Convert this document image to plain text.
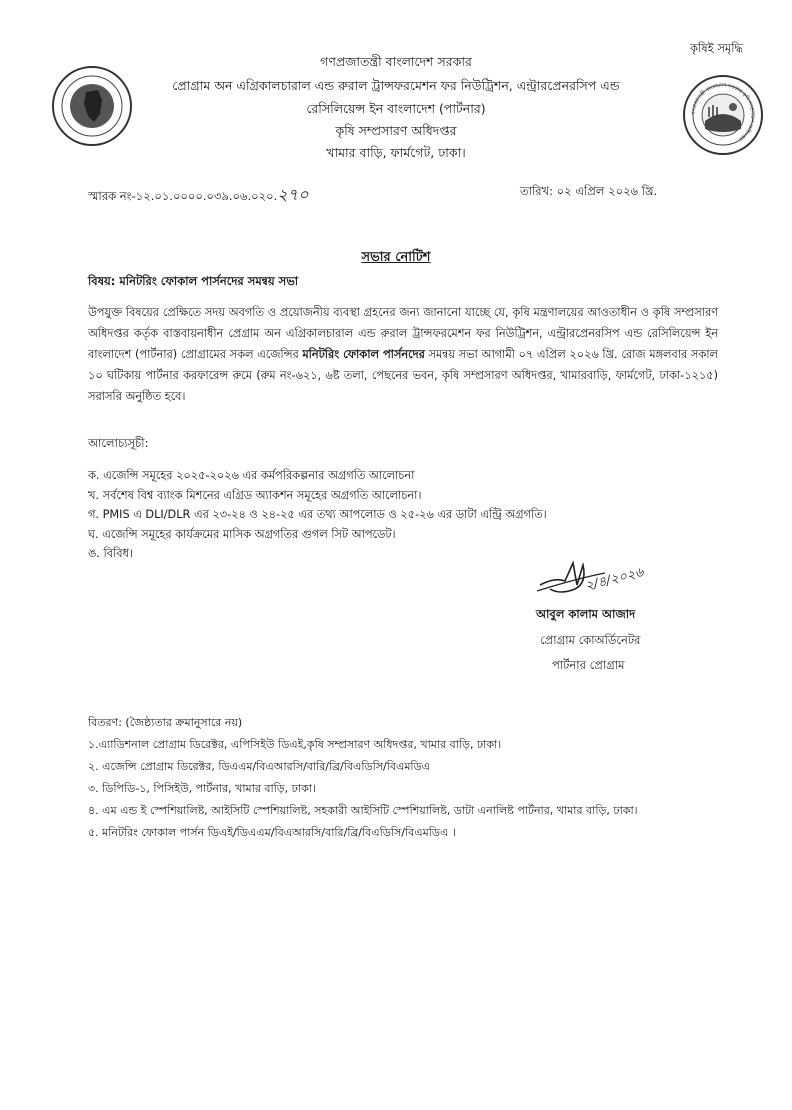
কৃষিই সমৃদ্ধি
গণপ্রজাতন্ত্রী বাংলাদেশ সরকার কৃষি সম্প্রসারণ অধিদপ্তর
গণপ্রজাতন্ত্রী বাংলাদেশ সরকার
প্রোগ্রাম অন এগ্রিকালচারাল এন্ড রুরাল ট্রান্সফরমেশন ফর নিউট্রিশন, এন্ট্রারপ্রেনরসিপ এন্ড
রেসিলিয়েন্স ইন বাংলাদেশ (পার্টনার)
কৃষি সম্প্রসারণ অধিদপ্তর
খামার বাড়ি, ফার্মগেট, ঢাকা।
স্মারক নং-১২.০১.০০০০.০৩৯.০৬.০২০.২৭০	তারিখ: ০২ এপ্রিল ২০২৬ খ্রি.
সভার নোটিশ
বিষয়: মনিটরিং ফোকাল পার্সনদের সমন্বয় সভা
উপযুক্ত বিষয়ের প্রেক্ষিতে সদয় অবগতি ও প্রয়োজনীয় ব্যবস্থা গ্রহনের জন্য জানানো যাচ্ছে যে, কৃষি মন্ত্রণালয়ের আওতাধীন ও কৃষি সম্প্রসারণ অধিদপ্তর কর্তৃক বাস্তবায়নাধীন প্রেগ্রাম অন এগ্রিকালচারাল এন্ড রুরাল ট্রান্সফরমেশন ফর নিউট্রিশন, এন্ট্রারপ্রেনরসিপ এন্ড রেসিলিয়েন্স ইন বাংলাদেশ (পার্টনার) প্রোগ্রামের সকল এজেন্সির মনিটরিং ফোকাল পার্সনদের সমন্বয় সভা আগামী ০৭ এপ্রিল ২০২৬ খ্রি. রোজ মঙ্গলবার সকাল ১০ ঘটিকায় পার্টনার করফারেন্স রুমে (রুম নং-৬২১, ৬ষ্ট তলা, পেছনের ভবন, কৃষি সম্প্রসারণ অধিদপ্তর, খামারবাড়ি, ফার্মগেট, ঢাকা-১২১৫) সরাসরি অনুষ্ঠিত হবে।
আলোচ্যসূচী:
ক. এজেন্সি সমূহের ২০২৫-২০২৬ এর কর্মপরিকল্পনার অগ্রগতি আলোচনা
খ. সর্বশেষ বিশ্ব ব্যাংক মিশনের এগ্রিড অ্যাকশন সমূহের অগ্রগতি আলোচনা।
গ. PMIS এ DLI/DLR এর ২৩-২৪ ও ২৪-২৫ এর তথ্য আপলোড ও ২৫-২৬ এর ডাটা এন্ট্রি অগ্রগতি।
ঘ. এজেন্সি সমূহের কার্যক্রমের মাসিক অগ্রগতির গুগল সিট আপডেট।
ঙ. বিবিধ।
২/৪/২০২৬
আবুল কালাম আজাদ
প্রোগ্রাম কোঅর্ডিনেটর
পার্টনার প্রোগ্রাম
বিতরণ: (জৈষ্ঠ্যতার ক্রমানুসারে নয়)
১.এ্যাডিশনাল প্রোগ্রাম ডিরেক্টর, এপিসিইউ ডিএই,কৃষি সম্প্রসারণ অধিদপ্তর, খামার বাড়ি, ঢাকা।
২. এজেন্সি প্রোগ্রাম ডিরেক্টর, ডিএএম/বিএআরসি/বারি/ব্রি/বিএডিসি/বিএমডিএ
৩. ডিপিডি-১, পিসিইউ, পার্টনার, খামার বাড়ি, ঢাকা।
৪. এম এন্ড ই স্পেশিয়ালিষ্ট, আইসিটি স্পেশিয়ালিষ্ট, সহকারী আইসিটি স্পেশিয়ালিষ্ট, ডাটা এনালিষ্ট পার্টনার, খামার বাড়ি, ঢাকা।
৫. মনিটরিং ফোকাল পার্সন ডিএই/ডিএএম/বিএআরসি/বারি/ব্রি/বিএডিসি/বিএমডিএ ।
